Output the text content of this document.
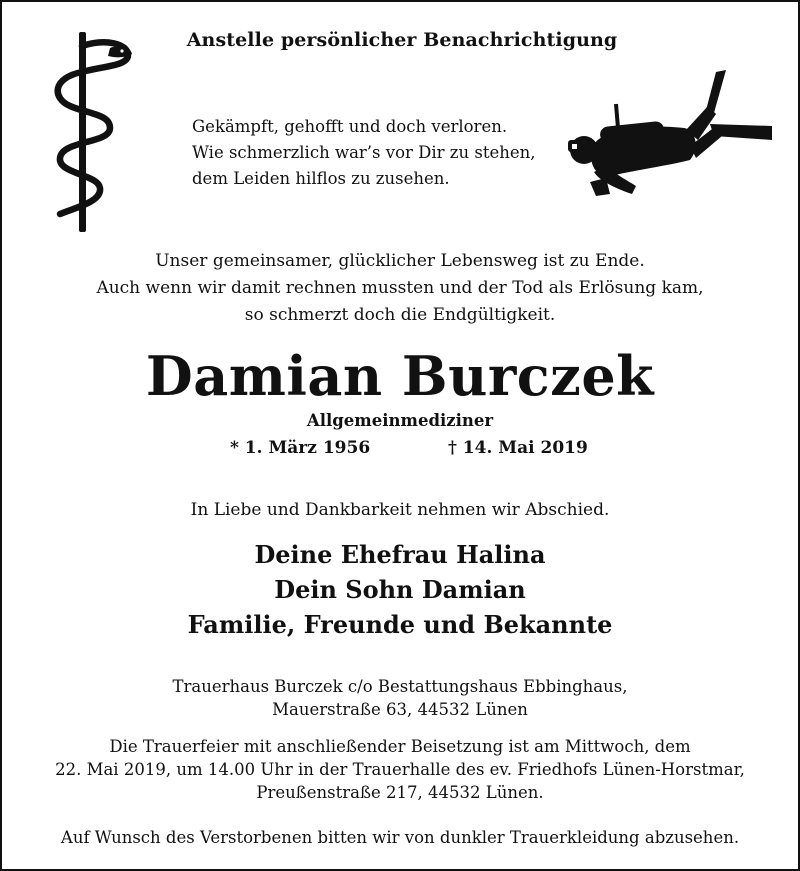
Anstelle persönlicher Benachrichtigung
Gekämpft, gehofft und doch verloren.
Wie schmerzlich war’s vor Dir zu stehen,
dem Leiden hilflos zu zusehen.
Unser gemeinsamer, glücklicher Lebensweg ist zu Ende.
Auch wenn wir damit rechnen mussten und der Tod als Erlösung kam,
so schmerzt doch die Endgültigkeit.
Damian Burczek
Allgemeinmediziner
* 1. März 1956	† 14. Mai 2019
In Liebe und Dankbarkeit nehmen wir Abschied.
Deine Ehefrau Halina
Dein Sohn Damian
Familie, Freunde und Bekannte
Trauerhaus Burczek c/o Bestattungshaus Ebbinghaus,
Mauerstraße 63, 44532 Lünen
Die Trauerfeier mit anschließender Beisetzung ist am Mittwoch, dem
22. Mai 2019, um 14.00 Uhr in der Trauerhalle des ev. Friedhofs Lünen-Horstmar,
Preußenstraße 217, 44532 Lünen.
Auf Wunsch des Verstorbenen bitten wir von dunkler Trauerkleidung abzusehen.
